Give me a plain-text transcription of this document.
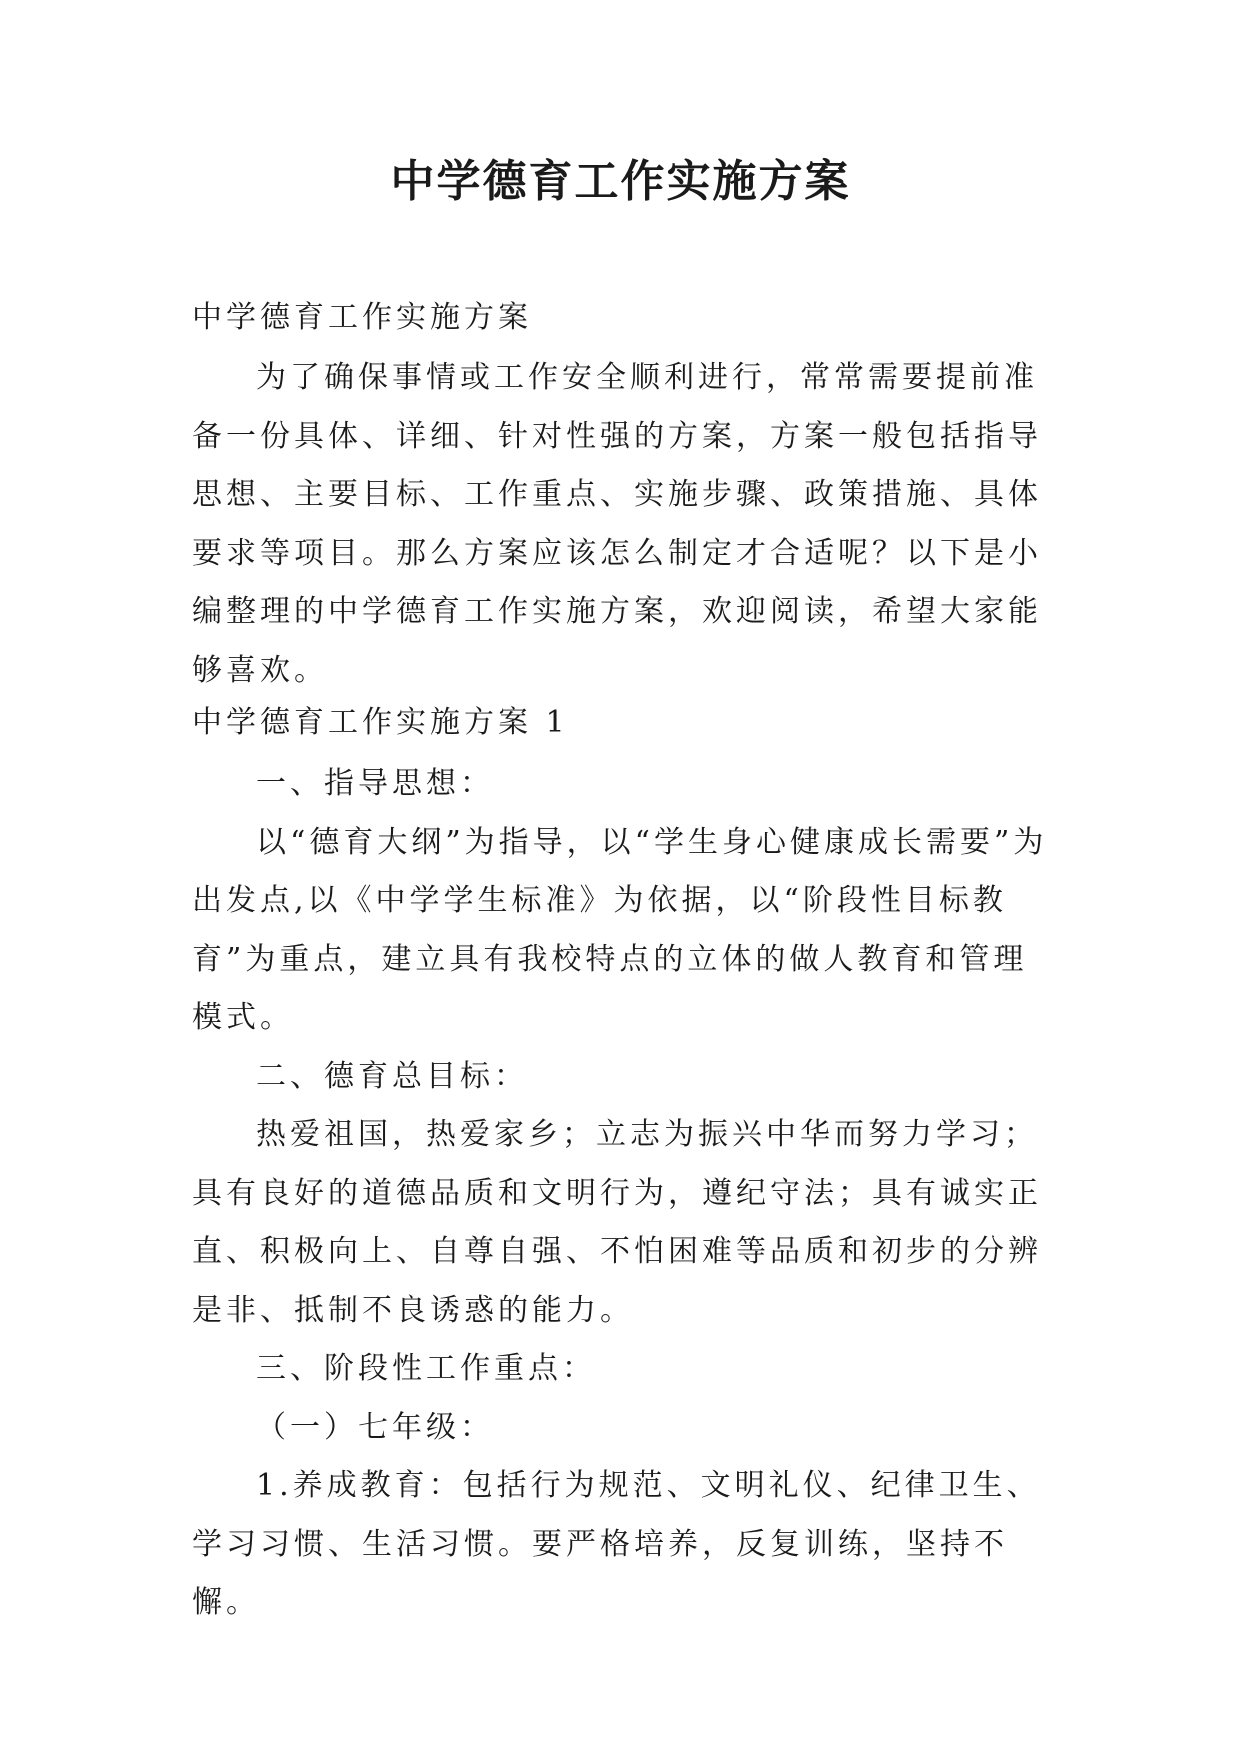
中学德育工作实施方案

中学德育工作实施方案

为了确保事情或工作安全顺利进行，常常需要提前准备一份具体、详细、针对性强的方案，方案一般包括指导思想、主要目标、工作重点、实施步骤、政策措施、具体要求等项目。那么方案应该怎么制定才合适呢？以下是小编整理的中学德育工作实施方案，欢迎阅读，希望大家能够喜欢。

中学德育工作实施方案 1

一、指导思想：

以“德育大纲”为指导，以“学生身心健康成长需要”为出发点,以《中学学生标准》为依据，以“阶段性目标教育”为重点，建立具有我校特点的立体的做人教育和管理模式。

二、德育总目标：

热爱祖国，热爱家乡；立志为振兴中华而努力学习；具有良好的道德品质和文明行为，遵纪守法；具有诚实正直、积极向上、自尊自强、不怕困难等品质和初步的分辨是非、抵制不良诱惑的能力。

三、阶段性工作重点：

（一）七年级：

1.养成教育：包括行为规范、文明礼仪、纪律卫生、学习习惯、生活习惯。要严格培养，反复训练，坚持不懈。
